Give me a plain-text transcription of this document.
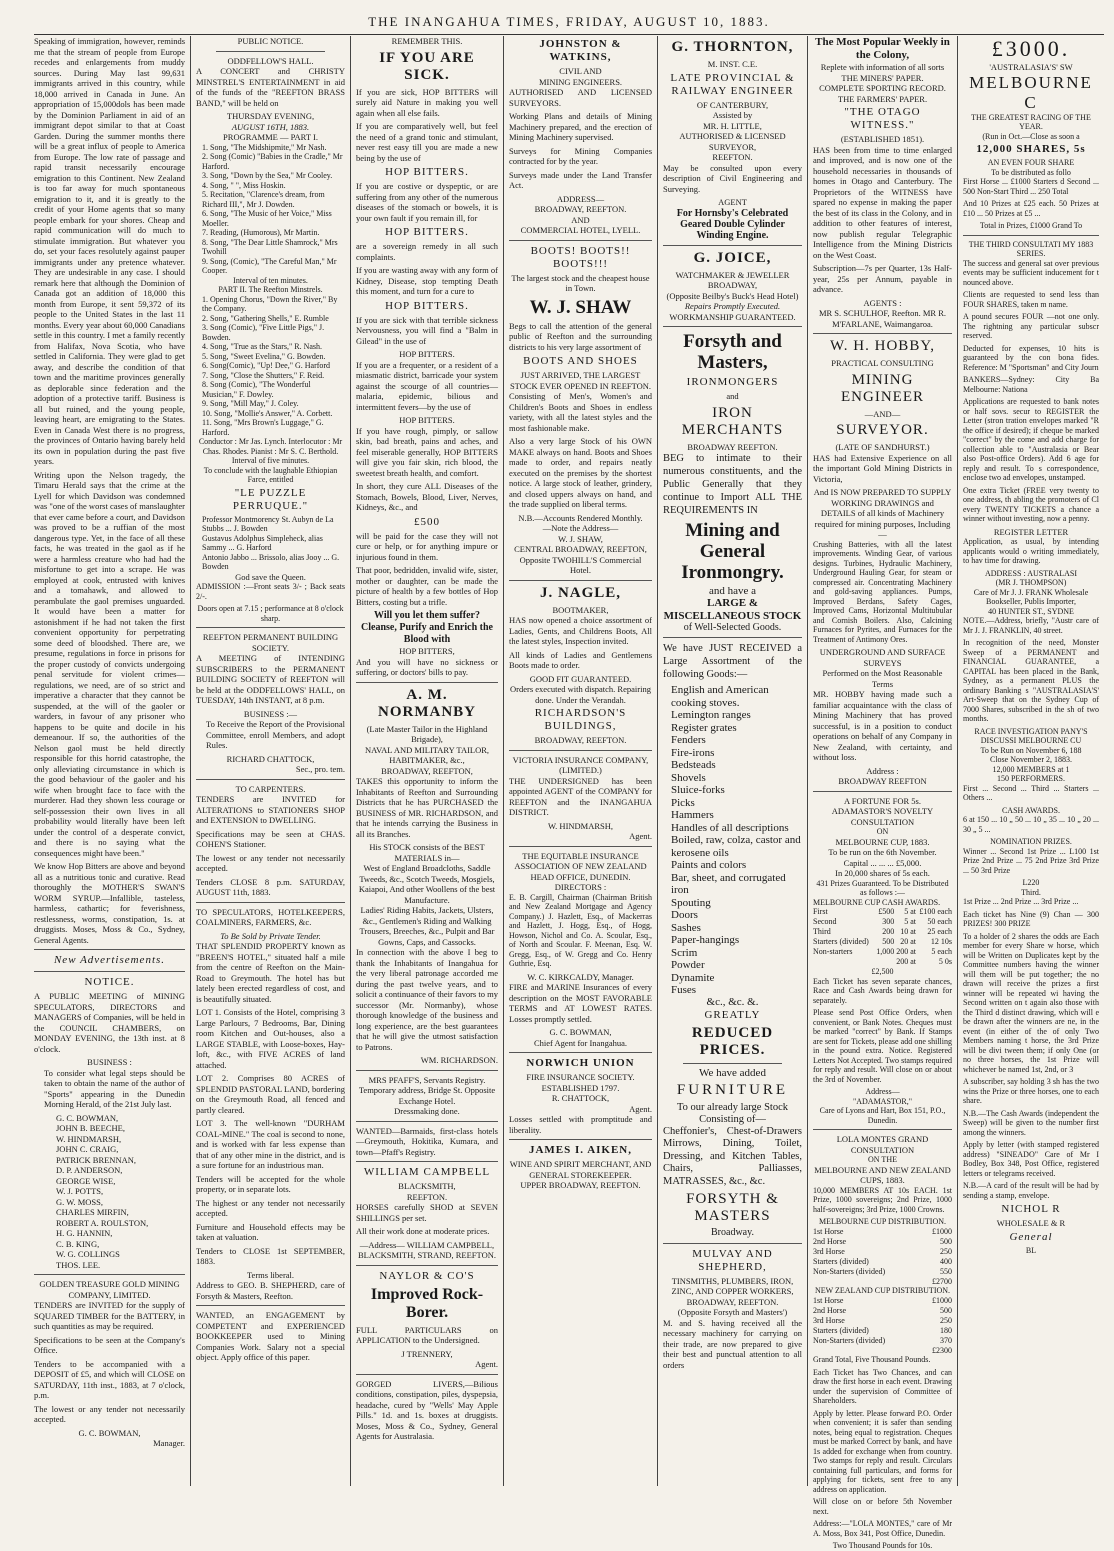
THE INANGAHUA TIMES, FRIDAY, AUGUST 10, 1883.

Speaking of immigration, however, reminds me that the stream of people from Europe recedes and enlargements from muddy sources. During May last 99,631 immigrants arrived in this country, while 18,000 arrived in Canada in June. An appropriation of 15,000dols has been made by the Dominion Parliament in aid of an immigrant depot similar to that at Coast Garden. During the summer months there will be a great influx of people to America from Europe. The low rate of passage and rapid transit necessarily encourage emigration to this Continent. New Zealand is too far away for much spontaneous emigration to it, and it is greatly to the credit of your Home agents that so many people embark for your shores. Cheap and rapid communication will do much to stimulate immigration. But whatever you do, set your faces resolutely against pauper immigrants under any pretence whatever. They are undesirable in any case. I should remark here that although the Dominion of Canada got an addition of 18,000 this month from Europe, it sent 59,372 of its people to the United States in the last 11 months. Every year about 60,000 Canadians settle in this country. I met a family recently from Halifax, Nova Scotia, who have settled in California. They were glad to get away, and describe the condition of that town and the maritime provinces generally as deplorable since federation and the adoption of a protective tariff. Business is all but ruined, and the young people, leaving heart, are emigrating to the States. Even in Canada West there is no progress, the provinces of Ontario having barely held its own in population during the past five years.

Writing upon the Nelson tragedy, the Timaru Herald says that the crime at the Lyell for which Davidson was condemned was "one of the worst cases of manslaughter that ever came before a court, and Davidson was proved to be a ruffian of the most dangerous type. Yet, in the face of all these facts, he was treated in the gaol as if he were a harmless creature who had had the misfortune to get into a scrape. He was employed at cook, entrusted with knives and a tomahawk, and allowed to perambulate the gaol premises unguarded. It would have been a matter for astonishment if he had not taken the first convenient opportunity for perpetrating some deed of bloodshed. There are, we presume, regulations in force in prisons for the proper custody of convicts undergoing penal servitude for violent crimes—regulations, we need, are of so strict and imperative a character that they cannot be suspended, at the will of the gaoler or warders, in favour of any prisoner who happens to be quite and docile in his demeanour. If so, the authorities of the Nelson gaol must be held directly responsible for this horrid catastrophe, the only alleviating circumstance in which is the good behaviour of the gaoler and his wife when brought face to face with the murderer. Had they shown less courage or self-possession their own lives in all probability would literally have been left under the control of a desperate convict, and there is no saying what the consequences might have been."

We know Hop Bitters are above and beyond all as a nutritious tonic and curative. Read thoroughly the MOTHER'S SWAN'S WORM SYRUP.—Infallible, tasteless, harmless, cathartic; for feverishness, restlessness, worms, constipation, 1s. at druggists. Moses, Moss & Co., Sydney, General Agents.

New Advertisements.
NOTICE.

A PUBLIC MEETING of MINING SPECULATORS, DIRECTORS and MANAGERS of Companies, will be held in the COUNCIL CHAMBERS, on MONDAY EVENING, the 13th inst. at 8 o'clock.

BUSINESS :

To consider what legal steps should be taken to obtain the name of the author of "Sports" appearing in the Dunedin Morning Herald, of the 21st July last.

G. C. BOWMAN,
JOHN B. BEECHE,
W. HINDMARSH,
JOHN C. CRAIG,
PATRICK BRENNAN,
D. P. ANDERSON,
GEORGE WISE,
W. J. POTTS,
G. W. MOSS,
CHARLES MIRFIN,
ROBERT A. ROULSTON,
H. G. HANNIN,
C. B. KING,
W. G. COLLINGS
THOS. LEE.
GOLDEN TREASURE GOLD MINING COMPANY, LIMITED.

TENDERS are INVITED for the supply of SQUARED TIMBER for the BATTERY, in such quantities as may be required.

Specifications to be seen at the Company's Office.

Tenders to be accompanied with a DEPOSIT of £5, and which will CLOSE on SATURDAY, 11th inst., 1883, at 7 o'clock, p.m.

The lowest or any tender not necessarily accepted.

G. C. BOWMAN,
Manager.
PUBLIC NOTICE.
ODDFELLOW'S HALL.

A CONCERT and CHRISTY MINSTREL'S ENTERTAINMENT in aid of the funds of the "REEFTON BRASS BAND," will be held on

THURSDAY EVENING,
AUGUST 16TH, 1883.
PROGRAMME — PART I.
1. Song, "The Midshipmite," Mr Nash.
2. Song (Comic) "Babies in the Cradle," Mr Harford.
3. Song, "Down by the Sea," Mr Cooley.
4. Song, " ", Miss Hoskin.
5. Recitation, "Clarence's dream, from Richard III,", Mr J. Dowden.
6. Song, "The Music of her Voice," Miss Moeller.
7. Reading, (Humorous), Mr Martin.
8. Song, "The Dear Little Shamrock," Mrs Twohill
9. Song, (Comic), "The Careful Man," Mr Cooper.
Interval of ten minutes.
PART II. The Reefton Minstrels.
1. Opening Chorus, "Down the River," By the Company.
2. Song, "Gathering Shells," E. Rumble
3. Song (Comic), "Five Little Pigs," J. Bowden.
4. Song, "True as the Stars," R. Nash.
5. Song, "Sweet Evelina," G. Bowden.
6. Song(Comic), "Up! Dee," G. Harford
7. Song, "Close the Shutters," F. Reid.
8. Song (Comic), "The Wonderful Musician," F. Dowley.
9. Song, "Mill May," J. Coley.
10. Song, "Mollie's Answer," A. Corbett.
11. Song, "Mrs Brown's Luggage," G. Harford.
Conductor : Mr Jas. Lynch. Interlocutor : Mr Chas. Rhodes. Pianist : Mr S. C. Berthold.
Interval of five minutes.
To conclude with the laughable Ethiopian Farce, entitled
"LE PUZZLE PERRUQUE."
Professor Montmorency St. Aubyn de La Stubbs ... J. Bowden
Gustavus Adolphus Simpleheck, alias Sammy ... G. Harford
Antonio Jabbo ... Brissolo, alias Jooy ... G. Bowden
God save the Queen.

ADMISSION :—Front seats 3/- ; Back seats 2/-.

Doors open at 7.15 ; performance at 8 o'clock sharp.
REEFTON PERMANENT BUILDING SOCIETY.

A MEETING of INTENDING SUBSCRIBERS to the PERMANENT BUILDING SOCIETY of REEFTON will be held at the ODDFELLOWS' HALL, on TUESDAY, 14th INSTANT, at 8 p.m.

BUSINESS :—

To Receive the Report of the Provisional Committee, enroll Members, and adopt Rules.

RICHARD CHATTOCK,
Sec., pro. tem.
TO CARPENTERS.

TENDERS are INVITED for ALTERATIONS to STATIONERS SHOP and EXTENSION to DWELLING.

Specifications may be seen at CHAS. COHEN'S Stationer.

The lowest or any tender not necessarily accepted.

Tenders CLOSE 8 p.m. SATURDAY, AUGUST 11th, 1883.

TO SPECULATORS, HOTELKEEPERS, COALMINERS, FARMERS, &c.

To Be Sold by Private Tender.

THAT SPLENDID PROPERTY known as "BREEN'S HOTEL," situated half a mile from the centre of Reefton on the Main-Road to Greymouth. The hotel has but lately been erected regardless of cost, and is beautifully situated.

LOT 1. Consists of the Hotel, comprising 3 Large Parlours, 7 Bedrooms, Bar, Dining room Kitchen and Out-houses, also a LARGE STABLE, with Loose-boxes, Hay-loft, &c., with FIVE ACRES of land attached.

LOT 2. Comprises 80 ACRES of SPLENDID PASTORAL LAND, bordering on the Greymouth Road, all fenced and partly cleared.

LOT 3. The well-known "DURHAM COAL-MINE." The coal is second to none, and is worked with far less expense than that of any other mine in the district, and is a sure fortune for an industrious man.

Tenders will be accepted for the whole property, or in separate lots.

The highest or any tender not necessarily accepted.

Furniture and Household effects may be taken at valuation.

Tenders to CLOSE 1st SEPTEMBER, 1883.

Terms liberal.

Address to GEO. B. SHEPHERD, care of Forsyth & Masters, Reefton.

WANTED, an ENGAGEMENT by COMPETENT and EXPERIENCED BOOKKEEPER used to Mining Companies Work. Salary not a special object. Apply office of this paper.

REMEMBER THIS.
IF YOU ARE SICK.

If you are sick, HOP BITTERS will surely aid Nature in making you well again when all else fails.

If you are comparatively well, but feel the need of a grand tonic and stimulant, never rest easy till you are made a new being by the use of

HOP BITTERS.

If you are costive or dyspeptic, or are suffering from any other of the numerous diseases of the stomach or bowels, it is your own fault if you remain ill, for

HOP BITTERS.

are a sovereign remedy in all such complaints.

If you are wasting away with any form of Kidney, Disease, stop tempting Death this moment, and turn for a cure to

HOP BITTERS.

If you are sick with that terrible sickness Nervousness, you will find a "Balm in Gilead" in the use of

HOP BITTERS.

If you are a frequenter, or a resident of a miasmatic district, barricade your system against the scourge of all countries—malaria, epidemic, bilious and intermittent fevers—by the use of

HOP BITTERS.

If you have rough, pimply, or sallow skin, bad breath, pains and aches, and feel miserable generally, HOP BITTERS will give you fair skin, rich blood, the sweetest breath health, and comfort.

In short, they cure ALL Diseases of the Stomach, Bowels, Blood, Liver, Nerves, Kidneys, &c., and

£500

will be paid for the case they will not cure or help, or for anything impure or injurious found in them.

That poor, bedridden, invalid wife, sister, mother or daughter, can be made the picture of health by a few bottles of Hop Bitters, costing but a trifle.

Will you let them suffer? Cleanse, Purify and Enrich the Blood with
HOP BITTERS,

And you will have no sickness or suffering, or doctors' bills to pay.

A. M. NORMANBY
(Late Master Tailor in the Highland Brigade),
NAVAL AND MILITARY TAILOR, HABITMAKER, &c.,
BROADWAY, REEFTON,

TAKES this opportunity to inform the Inhabitants of Reefton and Surrounding Districts that he has PURCHASED the BUSINESS of MR. RICHARDSON, and that he intends carrying the Business in all its Branches.

His STOCK consists of the BEST MATERIALS in—
West of England Broadcloths, Saddle Tweeds, &c., Scotch Tweeds, Mosgiels, Kaiapoi, And other Woollens of the best Manufacture.
Ladies' Riding Habits, Jackets, Ulsters, &c., Gentlemen's Riding and Walking Trousers, Breeches, &c., Pulpit and Bar Gowns, Caps, and Cassocks.

In connection with the above I beg to thank the Inhabitants of Inangahua for the very liberal patronage accorded me during the past twelve years, and to solicit a continuance of their favors to my successor (Mr. Normanby), whose thorough knowledge of the business and long experience, are the best guarantees that he will give the utmost satisfaction to Patrons.

WM. RICHARDSON.
MRS PFAFF'S, Servants Registry.
Temporary address, Bridge St. Opposite Exchange Hotel.
Dressmaking done.

WANTED—Barmaids, first-class hotels—Greymouth, Hokitika, Kumara, and town—Pfaff's Registry.

WILLIAM CAMPBELL
BLACKSMITH,
REEFTON.

HORSES carefully SHOD at SEVEN SHILLINGS per set.

All their work done at moderate prices.

—Address— WILLIAM CAMPBELL, BLACKSMITH, STRAND, REEFTON.
NAYLOR & CO'S
Improved Rock-Borer.

FULL PARTICULARS on APPLICATION to the Undersigned.

J TRENNERY,
Agent.

GORGED LIVERS,—Bilious conditions, constipation, piles, dyspepsia, headache, cured by "Wells' May Apple Pills." 1d. and 1s. boxes at druggists. Moses, Moss & Co., Sydney, General Agents for Australasia.

JOHNSTON & WATKINS,
CIVIL AND
MINING ENGINEERS.

AUTHORISED AND LICENSED SURVEYORS.

Working Plans and details of Mining Machinery prepared, and the erection of Mining Machinery supervised.

Surveys for Mining Companies contracted for by the year.

Surveys made under the Land Transfer Act.

ADDRESS—
BROADWAY, REEFTON.
AND
COMMERCIAL HOTEL, LYELL.
BOOTS! BOOTS!! BOOTS!!!
The largest stock and the cheapest house in Town.
W. J. SHAW

Begs to call the attention of the general public of Reefton and the surrounding districts to his very large assortment of

BOOTS AND SHOES
JUST ARRIVED, THE LARGEST STOCK EVER OPENED IN REEFTON.

Consisting of Men's, Women's and Children's Boots and Shoes in endless variety, with all the latest styles and the most fashionable make.

Also a very large Stock of his OWN MAKE always on hand. Boots and Shoes made to order, and repairs neatly executed on the premises by the shortest notice. A large stock of leather, grindery, and closed uppers always on hand, and the trade supplied on liberal terms.

N.B.—Accounts Rendered Monthly.
—Note the Address—
W. J. SHAW,
CENTRAL BROADWAY, REEFTON, Opposite TWOHILL'S Commercial Hotel.
J. NAGLE,
BOOTMAKER,

HAS now opened a choice assortment of Ladies, Gents, and Childrens Boots, All the latest styles, Inspection invited.

All kinds of Ladies and Gentlemens Boots made to order.

GOOD FIT GUARANTEED.
Orders executed with dispatch. Repairing done. Under the Verandah.
RICHARDSON'S BUILDINGS,
BROADWAY, REEFTON.
VICTORIA INSURANCE COMPANY, (LIMITED.)

THE UNDERSIGNED has been appointed AGENT of the COMPANY for REEFTON and the INANGAHUA DISTRICT.

W. HINDMARSH,
Agent.
THE EQUITABLE INSURANCE ASSOCIATION OF NEW ZEALAND
HEAD OFFICE, DUNEDIN.
DIRECTORS :

E. B. Cargill, Chairman (Chairman British and New Zealand Mortgage and Agency Company.) J. Hazlett, Esq., of Mackerras and Hazlett, J. Hogg, Esq., of Hogg, Howson, Nichol and Co. A. Scoular, Esq., of North and Scoular. F. Meenan, Esq. W. Gregg, Esq., of W. Gregg and Co. Henry Guthrie, Esq.

W. C. KIRKCALDY, Manager.

FIRE and MARINE Insurances of every description on the MOST FAVORABLE TERMS and AT LOWEST RATES. Losses promptly settled.

G. C. BOWMAN,
Chief Agent for Inangahua.
NORWICH UNION
FIRE INSURANCE SOCIETY.
ESTABLISHED 1797.
R. CHATTOCK,
Agent.

Losses settled with promptitude and liberality.

JAMES I. AIKEN,
WINE AND SPIRIT MERCHANT, AND GENERAL STOREKEEPER.
UPPER BROADWAY, REEFTON.
G. THORNTON,
M. INST. C.E.
LATE PROVINCIAL & RAILWAY ENGINEER
OF CANTERBURY,
Assisted by
MR. H. LITTLE,
AUTHORISED & LICENSED SURVEYOR,
REEFTON.

May be consulted upon every description of Civil Engineering and Surveying.

AGENT
For Hornsby's Celebrated Geared Double Cylinder Winding Engine.
G. JOICE,
WATCHMAKER & JEWELLER
BROADWAY,
(Opposite Beilby's Buck's Head Hotel)
Repairs Promptly Executed.
WORKMANSHIP GUARANTEED.
Forsyth and Masters,
IRONMONGERS
and
IRON MERCHANTS
BROADWAY REEFTON.

BEG to intimate to their numerous constituents, and the Public Generally that they continue to Import ALL THE REQUIREMENTS IN

Mining and General Ironmongry.
and have a
LARGE & MISCELLANEOUS STOCK
of Well-Selected Goods.

We have JUST RECEIVED a Large Assortment of the following Goods:—

English and American cooking stoves.
Lemington ranges
Register grates
Fenders
Fire-irons
Bedsteads
Shovels
Sluice-forks
Picks
Hammers
Handles of all descriptions
Boiled, raw, colza, castor and kerosene oils
Paints and colors
Bar, sheet, and corrugated iron
Spouting
Doors
Sashes
Paper-hangings
Scrim
Powder
Dynamite
Fuses
&c., &c. &.
GREATLY
REDUCED PRICES.
We have added
FURNITURE
To our already large Stock Consisting of—

Cheffonier's, Chest-of-Drawers Mirrows, Dining, Toilet, Dressing, and Kitchen Tables, Chairs, Palliasses, MATRASSES, &c., &c.

FORSYTH & MASTERS
Broadway.
MULVAY AND SHEPHERD,
TINSMITHS, PLUMBERS, IRON, ZINC, AND COPPER WORKERS,
BROADWAY, REEFTON.
(Opposite Forsyth and Masters')

M. and S. having received all the necessary machinery for carrying on their trade, are now prepared to give their best and punctual attention to all orders

The Most Popular Weekly in the Colony,
Replete with information of all sorts
THE MINERS' PAPER.
COMPLETE SPORTING RECORD.
THE FARMERS' PAPER.
"THE OTAGO WITNESS."
(ESTABLISHED 1851).

HAS been from time to time enlarged and improved, and is now one of the household necessaries in thousands of homes in Otago and Canterbury. The Proprietors of the WITNESS have spared no expense in making the paper the best of its class in the Colony, and in addition to other features of interest, now publish regular Telegraphic Intelligence from the Mining Districts on the West Coast.

Subscription—7s per Quarter, 13s Half-year, 25s per Annum, payable in advance.

AGENTS :
MR S. SCHULHOF, Reefton. MR R. M'FARLANE, Waimangaroa.
W. H. HOBBY,
PRACTICAL CONSULTING
MINING ENGINEER
—AND—
SURVEYOR.
(LATE OF SANDHURST.)

HAS had Extensive Experience on all the important Gold Mining Districts in Victoria,

And IS NOW PREPARED TO SUPPLY WORKING DRAWINGS and DETAILS of all kinds of Machinery required for mining purposes, Including—

Crushing Batteries, with all the latest improvements. Winding Gear, of various designs. Turbines, Hydraulic Machinery, Underground Hauling Gear, for steam or compressed air. Concentrating Machinery and gold-saving appliances. Pumps, Improved Berdans, Safety Cages, Improved Cams, Horizontal Multitubular and Cornish Boilers. Also, Calcining Furnaces for Pyrites, and Furnaces for the Treatment of Antimony Ores.

UNDERGROUND AND SURFACE SURVEYS
Performed on the Most Reasonable Terms

MR. HOBBY having made such a familiar acquaintance with the class of Mining Machinery that has proved successful, is in a position to conduct operations on behalf of any Company in New Zealand, with certainty, and without loss.

Address :
BROADWAY REEFTON
A FORTUNE FOR 5s.
ADAMASTOR'S NOVELTY CONSULTATION
ON
MELBOURNE CUP, 1883.
To be run on the 6th November.
Capital ... ... ... £5,000.
In 20,000 shares of 5s each.
431 Prizes Guaranteed. To be Distributed as follows :—
MELBOURNE CUP CASH AWARDS.
First	£500	5 at	£100 each
Second	300	5 at	50 each
Third	200	10 at	25 each
Starters (divided)	500	20 at	12 10s
Non-starters	1,000	200 at	5 each
		200 at	5 0s
£2,500

Each Ticket has seven separate chances, Race and Cash Awards being drawn for separately.

Please send Post Office Orders, when convenient, or Bank Notes. Cheques must be marked "correct" by Bank. If Stamps are sent for Tickets, please add one shilling in the pound extra. Notice. Registered Letters Not Accepted. Two stamps required for reply and result. Will close on or about the 3rd of November.

Address—
"ADAMASTOR,"
Care of Lyons and Hart, Box 151, P.O., Dunedin.
LOLA MONTES GRAND CONSULTATION
ON THE
MELBOURNE AND NEW ZEALAND CUPS, 1883.

10,000 MEMBERS AT 10s EACH. 1st Prize, 1000 sovereigns; 2nd Prize, 1000 half-sovereigns; 3rd Prize, 1000 Crowns.

MELBOURNE CUP DISTRIBUTION.
1st Horse	£1000
2nd Horse	500
3rd Horse	250
Starters (divided)	400
Non-Starters (divided)	550
£2700
NEW ZEALAND CUP DISTRIBUTION.
1st Horse	£1000
2nd Horse	500
3rd Horse	250
Starters (divided)	180
Non-Starters (divided)	370
£2300

Grand Total, Five Thousand Pounds.

Each Ticket has Two Chances, and can draw the first horse in each event. Drawing under the supervision of Committee of Shareholders.

Apply by letter. Please forward P.O. Order when convenient; it is safer than sending notes, being equal to registration. Cheques must be marked Correct by bank, and have 1s added for exchange when from country. Two stamps for reply and result. Circulars containing full particulars, and forms for applying for tickets, sent free to any address on application.

Will close on or before 5th November next.

Address:—"LOLA MONTES," care of Mr A. Moss, Box 341, Post Office, Dunedin.

Two Thousand Pounds for 10s.
£3000.
'AUSTRALASIA'S' SW
MELBOURNE C
THE GREATEST RACING OF THE YEAR.
(Run in Oct.—Close as soon a
12,000 SHARES, 5s
AN EVEN FOUR SHARE
To be distributed as follo

First Horse ... £1000 Starters d Second ... 500 Non-Start Third ... 250 Total

And 10 Prizes at £25 each. 50 Prizes at £10 ... 50 Prizes at £5 ...

Total in Prizes, £1000 Grand To
THE THIRD CONSULTATI MY 1883 SERIES.

The success and general sat over previous events may be sufficient inducement for t nounced above.

Clients are requested to send less than FOUR SHARES, taken m name.

A pound secures FOUR —not one only. The rightning any particular subscr reserved.

Deducted for expenses, 10 hits is guaranteed by the con bona fides. Reference: M "Sportsman" and City Journ

BANKERS—Sydney: City Ba Melbourne: Nationa

Applications are requested to bank notes or half sovs. secur to REGISTER the Letter (stron tration envelopes marked "R the office if desired); if cheque be marked "correct" by the come and add charge for collection able to "Australasia or Bear also Post-office Orders). Add 6 age for reply and result. To s correspondence, enclose two ad envelopes, unstamped.

One extra Ticket (FREE very twenty to one address, th abling the promoters of Cl every TWENTY TICKETS a chance a winner without investing, now a penny.

REGISTER LETTER

Application, as usual, by intending applicants would o writing immediately, to hav time for drawing.

ADDRESS : AUSTRALASI
(MR J. THOMPSON)
Care of Mr J. J. FRANK Wholesale Bookseller, Publis Importer,
40 HUNTER ST., SYDNE

NOTE.—Address, briefly, "Austr care of Mr J. J. FRANKLIN, 40 street.

In recognition of the need, Monster Sweep of a PERMANENT and FINANCIAL GUARANTEE, a CAPITAL has been placed in the Bank, Sydney, as a permanent PLUS the ordinary Banking s "AUSTRALASIA'S' Art-Sweep that on the Sydney Cup of 7000 Shares, subscribed in the sh of two months.

RACE INVESTIGATION PANY'S DISCUSSI MELBOURNE CU
To be Run on November 6, 188
Close November 2, 1883.
12,000 MEMBERS at 1
150 PERFORMERS.

First ... Second ... Third ... Starters ... Others ...

CASH AWARDS.

6 at 150 ... 10 „ 50 ... 10 „ 35 ... 10 „ 20 ... 30 „ 5 ...

NOMINATION PRIZES.

Winner ... Second 1st Prize ... L100 1st Prize 2nd Prize ... 75 2nd Prize 3rd Prize ... 50 3rd Prize

L220
Third.

1st Prize ... 2nd Prize ... 3rd Prize ...

Each ticket has Nine (9) Chan — 300 PRIZES! 300 PRIZE

To a holder of 2 shares the odds are Each member for every Share w horse, which will be Written on Duplicates kept by the Committee numbers having the winner will them will be put together; the no drawn will receive the prizes a first winner will be repeated wi having the Second written on t again also those with the Third d distinct drawing, which will e be drawn after the winners are ne, in the event (in either of the of only Two Members naming t horse, the 3rd Prize will be divi tween them; if only One (or no three horses, the 1st Prize will whichever be named 1st, 2nd, or 3

A subscriber, say holding 3 sh has the two wins the Prize or three horses, one to each share.

N.B.—The Cash Awards (independent the Sweep) will be given to the number first among the winners.

Apply by letter (with stamped registered address) "SINEADO" Care of Mr I Bodley, Box 348, Post Office, registered letters or telegrams received.

N.B.—A card of the result will be had by sending a stamp, envelope.

NICHOL R
WHOLESALE & R
General
BL
